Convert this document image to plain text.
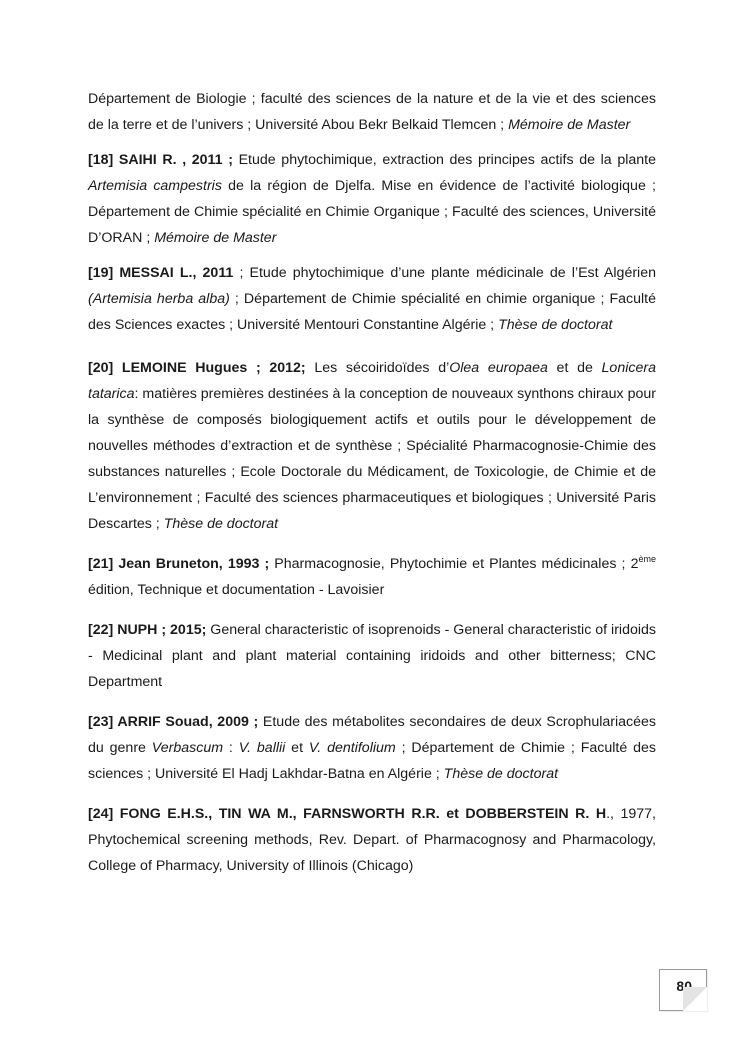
Département de Biologie ; faculté des sciences de la nature et de la vie et des sciences de la terre et de l’univers ; Université Abou Bekr Belkaid Tlemcen ; Mémoire de Master

[18] SAIHI R. , 2011 ; Etude phytochimique, extraction des principes actifs de la plante Artemisia campestris de la région de Djelfa. Mise en évidence de l’activité biologique ; Département de Chimie spécialité en Chimie Organique ; Faculté des sciences, Université D’ORAN ; Mémoire de Master

[19] MESSAI L., 2011 ; Etude phytochimique d’une plante médicinale de l’Est Algérien (Artemisia herba alba) ; Département de Chimie spécialité en chimie organique ; Faculté des Sciences exactes ; Université Mentouri Constantine Algérie ; Thèse de doctorat

[20] LEMOINE Hugues ; 2012; Les sécoiridoïdes d’Olea europaea et de Lonicera tatarica: matières premières destinées à la conception de nouveaux synthons chiraux pour la synthèse de composés biologiquement actifs et outils pour le développement de nouvelles méthodes d’extraction et de synthèse ; Spécialité Pharmacognosie-Chimie des substances naturelles ; Ecole Doctorale du Médicament, de Toxicologie, de Chimie et de L’environnement ; Faculté des sciences pharmaceutiques et biologiques ; Université Paris Descartes ; Thèse de doctorat

[21] Jean Bruneton, 1993 ; Pharmacognosie, Phytochimie et Plantes médicinales ; 2ème édition, Technique et documentation - Lavoisier

[22] NUPH ; 2015; General characteristic of isoprenoids - General characteristic of iridoids - Medicinal plant and plant material containing iridoids and other bitterness; CNC Department

[23] ARRIF Souad, 2009 ; Etude des métabolites secondaires de deux Scrophulariacées du genre Verbascum : V. ballii et V. dentifolium ; Département de Chimie ; Faculté des sciences ; Université El Hadj Lakhdar-Batna en Algérie ; Thèse de doctorat

[24] FONG E.H.S., TIN WA M., FARNSWORTH R.R. et DOBBERSTEIN R. H., 1977, Phytochemical screening methods, Rev. Depart. of Pharmacognosy and Pharmacology, College of Pharmacy, University of Illinois (Chicago)

80
